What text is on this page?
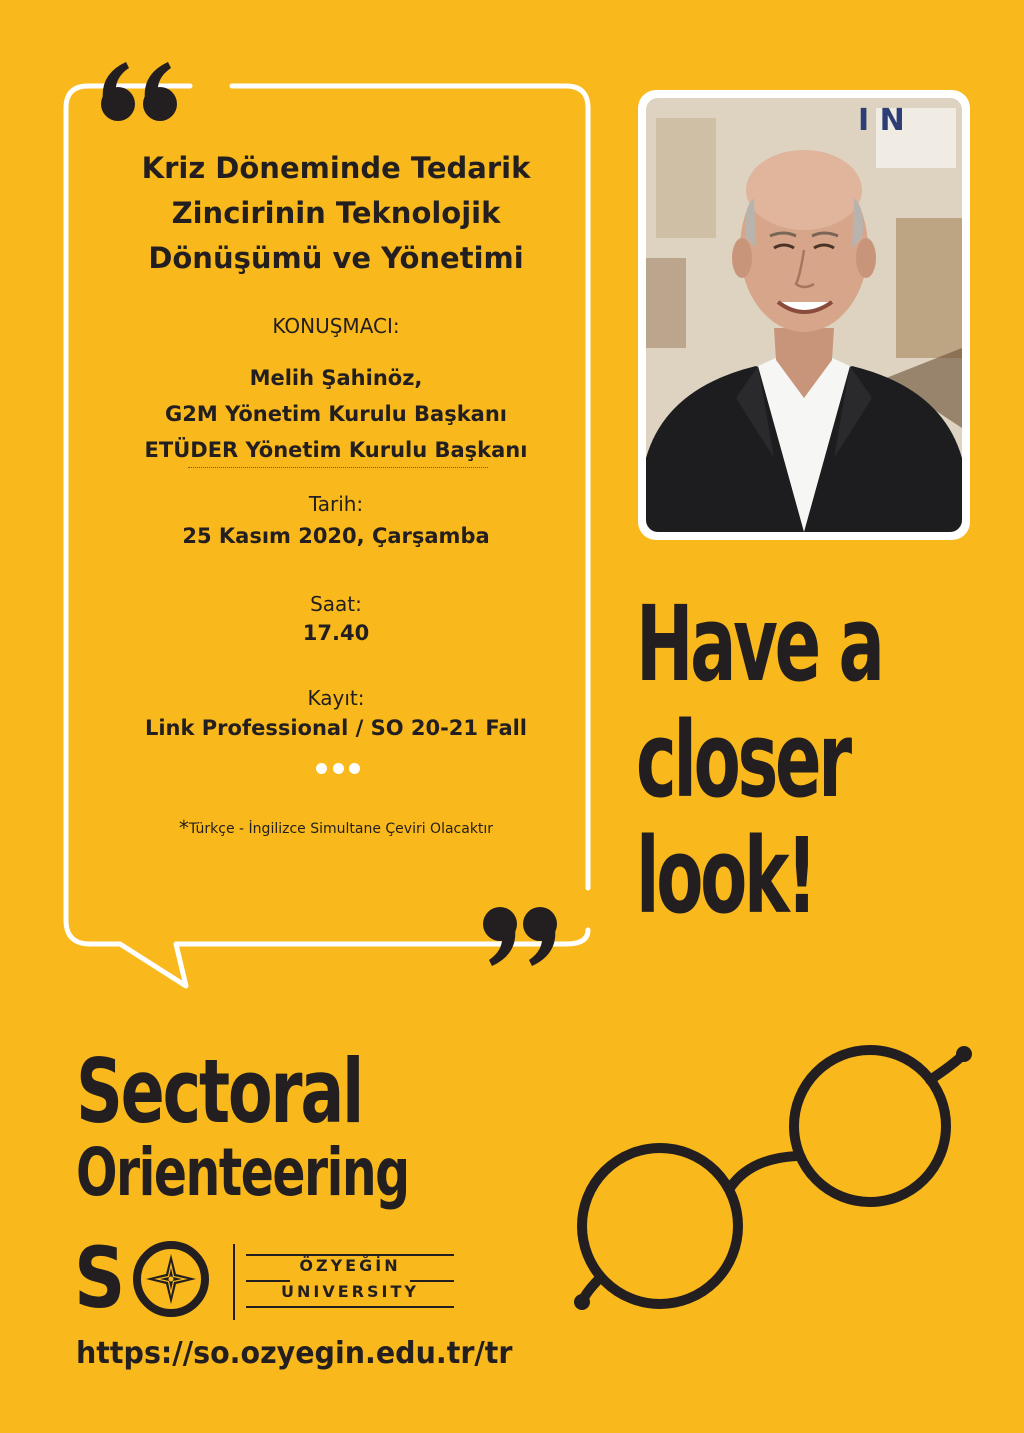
Kriz Döneminde Tedarik
Zincirinin Teknolojik
Dönüşümü ve Yönetimi
KONUŞMACI:
Melih Şahinöz,
G2M Yönetim Kurulu Başkanı
ETÜDER Yönetim Kurulu Başkanı
Tarih:
25 Kasım 2020, Çarşamba
Saat:
17.40
Kayıt:
Link Professional / SO 20-21 Fall
*Türkçe - İngilizce Simultane Çeviri Olacaktır
I N
Have a
closer
look!
Sectoral
Orienteering
S	ÖZYEĞİN
UNIVERSITY
https://so.ozyegin.edu.tr/tr
